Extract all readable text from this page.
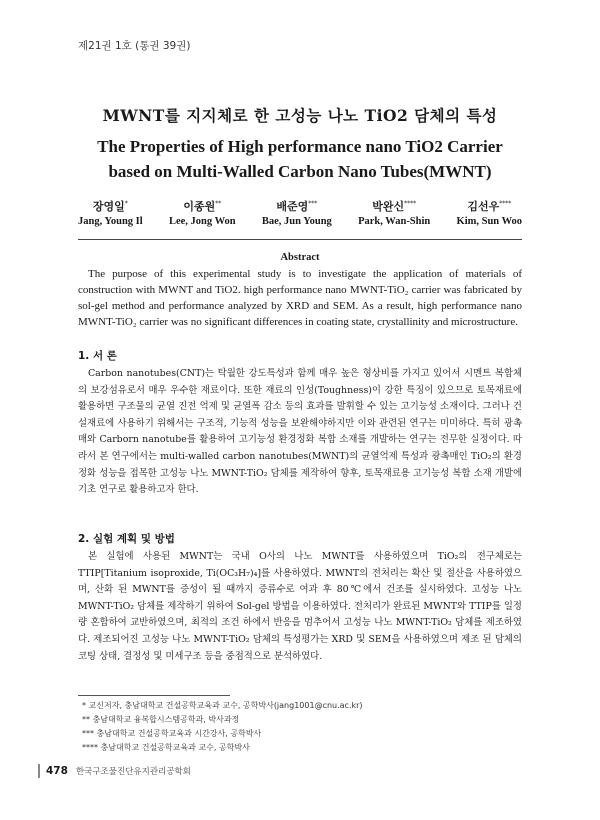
제21권 1호 (통권 39권)
MWNT를 지지체로 한 고성능 나노 TiO2 담체의 특성
The Properties of High performance nano TiO2 Carrier
based on Multi-Walled Carbon Nano Tubes(MWNT)
장영일*
Jang, Young Il
이종원**
Lee, Jong Won
배준영***
Bae, Jun Young
박완신****
Park, Wan-Shin
김선우****
Kim, Sun Woo
Abstract
The purpose of this experimental study is to investigate the application of materials of construction with MWNT and TiO2. high performance nano MWNT-TiO₂ carrier was fabricated by sol-gel method and performance analyzed by XRD and SEM. As a result, high performance nano MWNT-TiO₂ carrier was no significant differences in coating state, crystallinity and microstructure.
1. 서 론
Carbon nanotubes(CNT)는 탁월한 강도특성과 함께 매우 높은 형상비를 가지고 있어서 시멘트 복합체의 보강섬유로서 매우 우수한 재료이다. 또한 재료의 인성(Toughness)이 강한 특징이 있으므로 토목재료에 활용하면 구조물의 균열 진전 억제 및 균열폭 감소 등의 효과를 발휘할 수 있는 고기능성 소재이다. 그러나 건설재료에 사용하기 위해서는 구조적, 기능적 성능을 보완해야하지만 이와 관련된 연구는 미미하다. 특히 광촉매와 Carborn nanotube를 활용하여 고기능성 환경정화 복합 소재를 개발하는 연구는 전무한 실정이다. 따라서 본 연구에서는 multi-walled carbon nanotubes(MWNT)의 균열억제 특성과 광촉매인 TiO₂의 환경정화 성능을 접목한 고성능 나노 MWNT-TiO₂ 담체를 제작하여 향후, 토목재료용 고기능성 복합 소재 개발에 기초 연구로 활용하고자 한다.
2. 실험 계획 및 방법
본 실험에 사용된 MWNT는 국내 O사의 나노 MWNT를 사용하였으며 TiO₂의 전구체로는 TTIP[Titanium isoproxide, Ti(OC₃H₇)₄]를 사용하였다. MWNT의 전처리는 확산 및 절산을 사용하였으며, 산화 된 MWNT를 증성이 될 때까지 증류수로 여과 후 80℃에서 건조를 실시하였다. 고성능 나노 MWNT-TiO₂ 담체를 제작하기 위하여 Sol-gel 방법을 이용하였다. 전처리가 완료된 MWNT와 TTIP를 일정량 혼합하여 교반하였으며, 최적의 조건 하에서 반응을 멈추어서 고성능 나노 MWNT-TiO₂ 담체를 제조하였다. 제조되어진 고성능 나노 MWNT-TiO₂ 담체의 특성평가는 XRD 및 SEM을 사용하였으며 제조 된 담체의 코팅 상태, 결정성 및 미세구조 등을 중점적으로 분석하였다.
* 교신저자, 충남대학교 건설공학교육과 교수, 공학박사(jang1001@cnu.ac.kr)
** 충남대학교 융복합시스템공학과, 박사과정
*** 충남대학교 건설공학교육과 시간강사, 공학박사
**** 충남대학교 건설공학교육과 교수, 공학박사
478 한국구조물진단유지관리공학회
